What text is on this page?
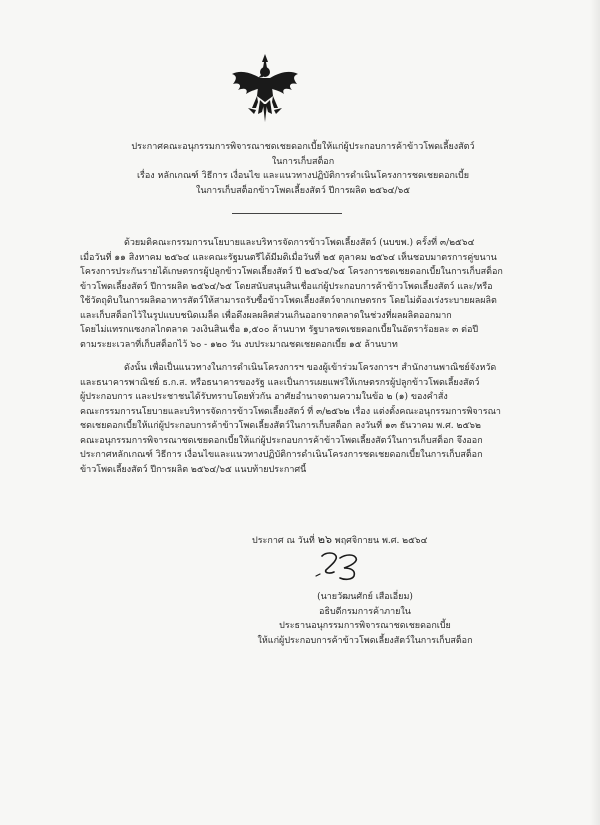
ประกาศคณะอนุกรรมการพิจารณาชดเชยดอกเบี้ยให้แก่ผู้ประกอบการค้าข้าวโพดเลี้ยงสัตว์
ในการเก็บสต็อก
เรื่อง หลักเกณฑ์ วิธีการ เงื่อนไข และแนวทางปฏิบัติการดำเนินโครงการชดเชยดอกเบี้ย
ในการเก็บสต็อกข้าวโพดเลี้ยงสัตว์ ปีการผลิต ๒๕๖๔/๖๕
ด้วยมติคณะกรรมการนโยบายและบริหารจัดการข้าวโพดเลี้ยงสัตว์ (นบขพ.) ครั้งที่ ๓/๒๕๖๔
เมื่อวันที่ ๑๑ สิงหาคม ๒๕๖๔ และคณะรัฐมนตรีได้มีมติเมื่อวันที่ ๒๕ ตุลาคม ๒๕๖๔ เห็นชอบมาตรการคู่ขนาน
โครงการประกันรายได้เกษตรกรผู้ปลูกข้าวโพดเลี้ยงสัตว์ ปี ๒๕๖๔/๖๕ โครงการชดเชยดอกเบี้ยในการเก็บสต็อก
ข้าวโพดเลี้ยงสัตว์ ปีการผลิต ๒๕๖๔/๖๕ โดยสนับสนุนสินเชื่อแก่ผู้ประกอบการค้าข้าวโพดเลี้ยงสัตว์ และ/หรือ
ใช้วัตถุดิบในการผลิตอาหารสัตว์ให้สามารถรับซื้อข้าวโพดเลี้ยงสัตว์จากเกษตรกร โดยไม่ต้องเร่งระบายผลผลิต
และเก็บสต็อกไว้ในรูปแบบชนิดเมล็ด เพื่อดึงผลผลิตส่วนเกินออกจากตลาดในช่วงที่ผลผลิตออกมาก
โดยไม่แทรกแซงกลไกตลาด วงเงินสินเชื่อ ๑,๕๐๐ ล้านบาท รัฐบาลชดเชยดอกเบี้ยในอัตราร้อยละ ๓ ต่อปี
ตามระยะเวลาที่เก็บสต็อกไว้ ๖๐ - ๑๒๐ วัน งบประมาณชดเชยดอกเบี้ย ๑๕ ล้านบาท
ดังนั้น เพื่อเป็นแนวทางในการดำเนินโครงการฯ ของผู้เข้าร่วมโครงการฯ สำนักงานพาณิชย์จังหวัด
และธนาคารพาณิชย์ ธ.ก.ส. หรือธนาคารของรัฐ และเป็นการเผยแพร่ให้เกษตรกรผู้ปลูกข้าวโพดเลี้ยงสัตว์
ผู้ประกอบการ และประชาชนได้รับทราบโดยทั่วกัน อาศัยอำนาจตามความในข้อ ๒ (๑) ของคำสั่ง
คณะกรรมการนโยบายและบริหารจัดการข้าวโพดเลี้ยงสัตว์ ที่ ๓/๒๕๖๒ เรื่อง แต่งตั้งคณะอนุกรรมการพิจารณา
ชดเชยดอกเบี้ยให้แก่ผู้ประกอบการค้าข้าวโพดเลี้ยงสัตว์ในการเก็บสต็อก ลงวันที่ ๑๓ ธันวาคม พ.ศ. ๒๕๖๒
คณะอนุกรรมการพิจารณาชดเชยดอกเบี้ยให้แก่ผู้ประกอบการค้าข้าวโพดเลี้ยงสัตว์ในการเก็บสต็อก จึงออก
ประกาศหลักเกณฑ์ วิธีการ เงื่อนไขและแนวทางปฏิบัติการดำเนินโครงการชดเชยดอกเบี้ยในการเก็บสต็อก
ข้าวโพดเลี้ยงสัตว์ ปีการผลิต ๒๕๖๔/๖๕ แนบท้ายประกาศนี้
ประกาศ ณ วันที่ ๒๖ พฤศจิกายน พ.ศ. ๒๕๖๔
(นายวัฒนศักย์ เสือเอี่ยม)
อธิบดีกรมการค้าภายใน
ประธานอนุกรรมการพิจารณาชดเชยดอกเบี้ย
ให้แก่ผู้ประกอบการค้าข้าวโพดเลี้ยงสัตว์ในการเก็บสต็อก
